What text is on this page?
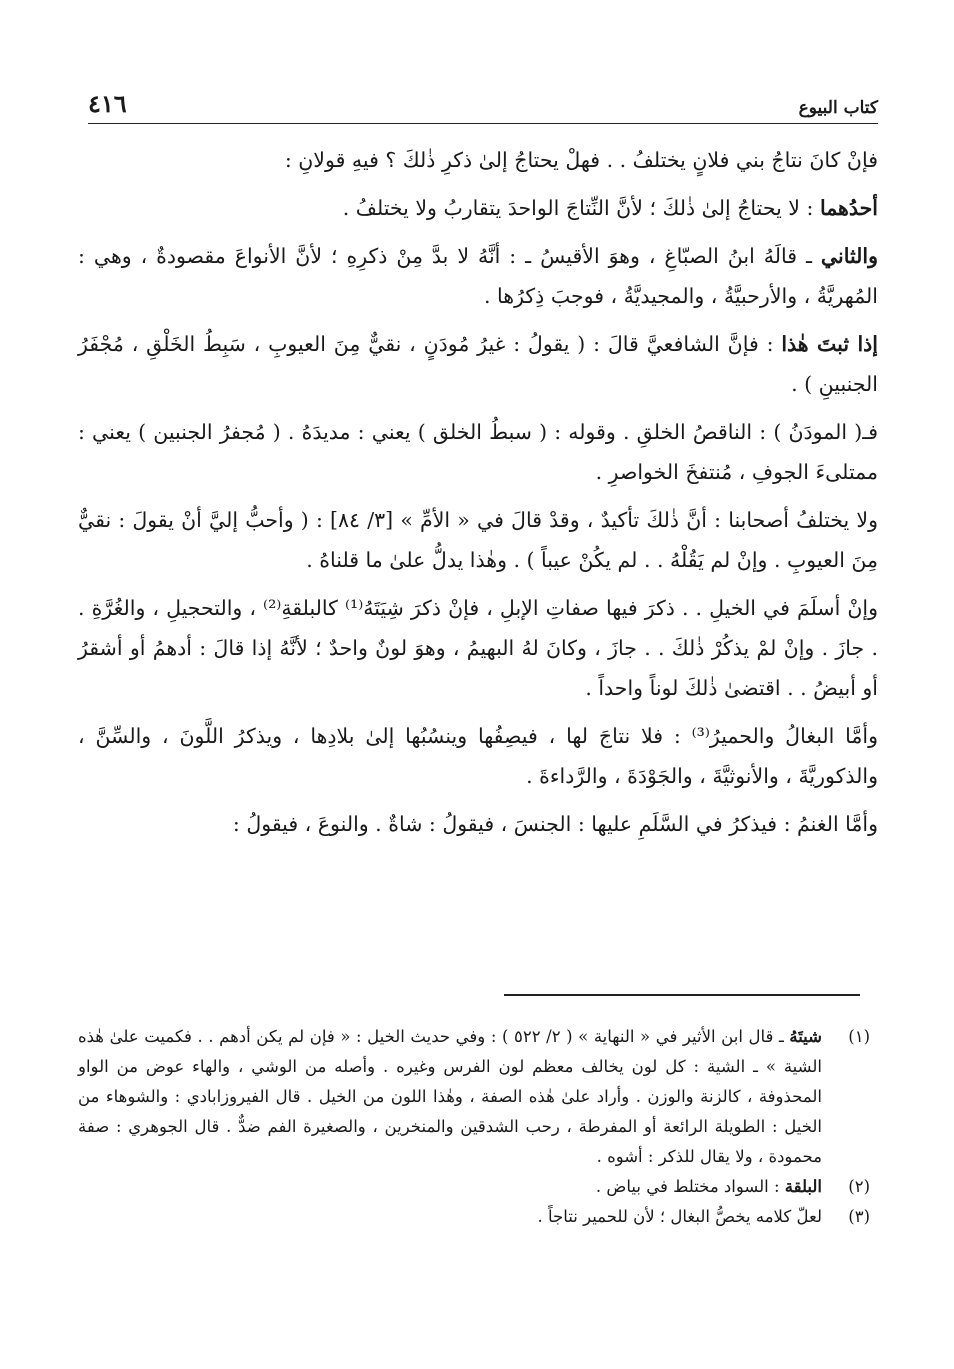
كتاب البيوع
٤١٦

فإنْ كانَ نتاجُ بني فلانٍ يختلفُ . . فهلْ يحتاجُ إلىٰ ذكرِ ذٰلكَ ؟ فيهِ قولانِ :

أحدُهما : لا يحتاجُ إلىٰ ذٰلكَ ؛ لأنَّ النِّتاجَ الواحدَ يتقاربُ ولا يختلفُ .

والثاني ـ قالَهُ ابنُ الصبّاغِ ، وهوَ الأقيسُ ـ : أنَّهُ لا بدَّ مِنْ ذكرِهِ ؛ لأنَّ الأنواعَ مقصودةٌ ، وهي : المُهريَّةُ ، والأرحبيَّةُ ، والمجيديَّةُ ، فوجبَ ذِكرُها .

إذا ثبتَ هٰذا : فإنَّ الشافعيَّ قالَ : ( يقولُ : غيرُ مُودَنٍ ، نقيٌّ مِنَ العيوبِ ، سَبِطُ الخَلْقِ ، مُجْفَرُ الجنبينِ ) .

فـ( المودَنُ ) : الناقصُ الخلقِ . وقوله : ( سبطُ الخلق ) يعني : مديدَهُ . ( مُجفرُ الجنبين ) يعني : ممتلىءَ الجوفِ ، مُنتفخَ الخواصرِ .

ولا يختلفُ أصحابنا : أنَّ ذٰلكَ تأكيدٌ ، وقدْ قالَ في « الأمِّ » [٣/ ٨٤] : ( وأحبُّ إليَّ أنْ يقولَ : نقيٌّ مِنَ العيوبِ . وإنْ لم يَقُلْهُ . . لم يكُنْ عيباً ) . وهٰذا يدلُّ علىٰ ما قلناهُ .

وإنْ أسلَمَ في الخيلِ . . ذكرَ فيها صفاتِ الإبلِ ، فإنْ ذكرَ شِيَتَهُ⁽¹⁾ كالبلقةِ⁽²⁾ ، والتحجيلِ ، والغُرَّةِ . . جازَ . وإنْ لمْ يذكُرْ ذٰلكَ . . جازَ ، وكانَ لهُ البهيمُ ، وهوَ لونٌ واحدٌ ؛ لأنَّهُ إذا قالَ : أدهمُ أو أشقرُ أو أبيضُ . . اقتضىٰ ذٰلكَ لوناً واحداً .

وأمَّا البغالُ والحميرُ⁽³⁾ : فلا نتاجَ لها ، فيصِفُها وينسُبُها إلىٰ بلادِها ، ويذكرُ اللَّونَ ، والسِّنَّ ، والذكوريَّةَ ، والأنوثيَّةَ ، والجَوْدَةَ ، والرَّداءةَ .

وأمَّا الغنمُ : فيذكرُ في السَّلَمِ عليها : الجنسَ ، فيقولُ : شاةٌ . والنوعَ ، فيقولُ :

(١)
شيتَهُ ـ قال ابن الأثير في « النهاية » ( ٢/ ٥٢٢ ) : وفي حديث الخيل : « فإن لم يكن أدهم . . فكميت علىٰ هٰذه الشية » ـ الشية : كل لون يخالف معظم لون الفرس وغيره . وأصله من الوشي ، والهاء عوض من الواو المحذوفة ، كالزنة والوزن . وأراد علىٰ هٰذه الصفة ، وهٰذا اللون من الخيل . قال الفيروزابادي : والشوهاء من الخيل : الطويلة الرائعة أو المفرطة ، رحب الشدقين والمنخرين ، والصغيرة الفم ضدٌّ . قال الجوهري : صفة محمودة ، ولا يقال للذكر : أشوه .
(٢)
البلقة : السواد مختلط في بياض .
(٣)
لعلّ كلامه يخصُّ البغال ؛ لأن للحمير نتاجاً .
